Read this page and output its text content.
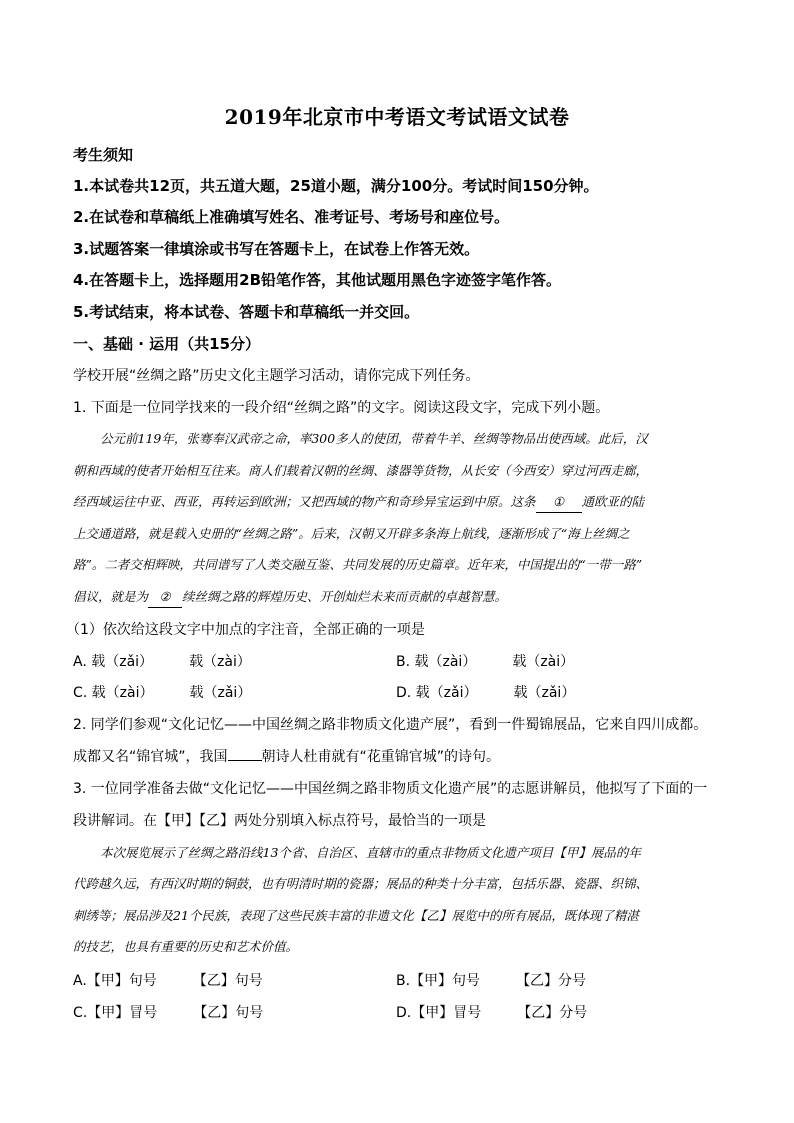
2019年北京市中考语文考试语文试卷
考生须知
1.本试卷共12页，共五道大题，25道小题，满分100分。考试时间150分钟。
2.在试卷和草稿纸上准确填写姓名、准考证号、考场号和座位号。
3.试题答案一律填涂或书写在答题卡上，在试卷上作答无效。
4.在答题卡上，选择题用2B铅笔作答，其他试题用黑色字迹签字笔作答。
5.考试结束，将本试卷、答题卡和草稿纸一并交回。
一、基础 · 运用（共15分）
学校开展“丝绸之路”历史文化主题学习活动，请你完成下列任务。
1. 下面是一位同学找来的一段介绍“丝绸之路”的文字。阅读这段文字，完成下列小题。
公元前119年，张骞奉汉武帝之命，率300多人的使团，带着牛羊、丝绸等物品出使西域。此后，汉
朝和西域的使者开始相互往来。商人们载着汉朝的丝绸、漆器等货物，从长安（今西安）穿过河西走廊，
经西域运往中亚、西亚，再转运到欧洲；又把西域的物产和奇珍异宝运到中原。这条 ① 通欧亚的陆
上交通道路，就是载入史册的“丝绸之路”。后来，汉朝又开辟多条海上航线，逐渐形成了“海上丝绸之
路”。二者交相辉映，共同谱写了人类交融互鉴、共同发展的历史篇章。近年来，中国提出的“一带一路”
倡议，就是为 ② 续丝绸之路的辉煌历史、开创灿烂未来而贡献的卓越智慧。
（1）依次给这段文字中加点的字注音，全部正确的一项是
A. 载（zǎi）	载（zài）	B. 载（zài）	载（zài）
C. 载（zài）	载（zǎi）	D. 载（zǎi）	载（zǎi）
2. 同学们参观“文化记忆——中国丝绸之路非物质文化遗产展”，看到一件蜀锦展品，它来自四川成都。
成都又名“锦官城”，我国 朝诗人杜甫就有“花重锦官城”的诗句。
3. 一位同学准备去做“文化记忆——中国丝绸之路非物质文化遗产展”的志愿讲解员，他拟写了下面的一
段讲解词。在【甲】【乙】两处分别填入标点符号，最恰当的一项是
本次展览展示了丝绸之路沿线13个省、自治区、直辖市的重点非物质文化遗产项目【甲】展品的年
代跨越久远，有西汉时期的铜鼓，也有明清时期的瓷器；展品的种类十分丰富，包括乐器、瓷器、织锦、
刺绣等；展品涉及21个民族，表现了这些民族丰富的非遗文化【乙】展览中的所有展品，既体现了精湛
的技艺，也具有重要的历史和艺术价值。
A.【甲】句号	【乙】句号	B.【甲】句号	【乙】分号
C.【甲】冒号	【乙】句号	D.【甲】冒号	【乙】分号
